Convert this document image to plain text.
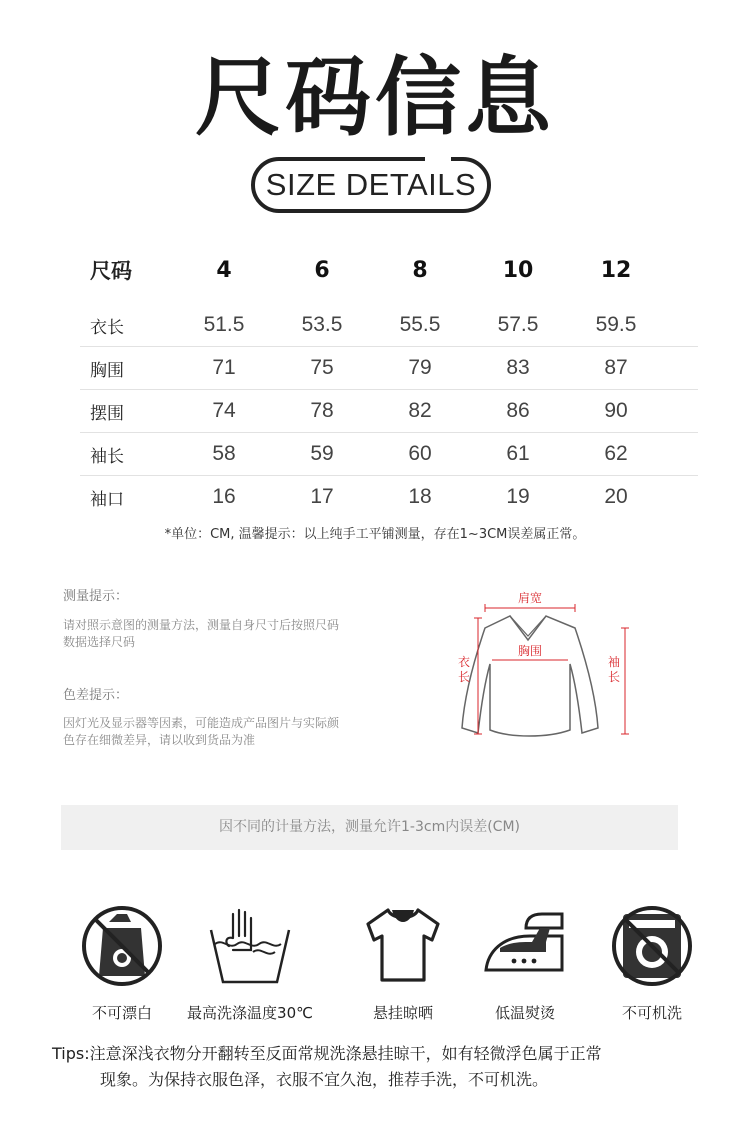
尺码信息
SIZE DETAILS
尺码	4	6	8	10	12
衣长	51.5	53.5	55.5	57.5	59.5
胸围	71	75	79	83	87
摆围	74	78	82	86	90
袖长	58	59	60	61	62
袖口	16	17	18	19	20
*单位：CM, 温馨提示：以上纯手工平铺测量，存在1~3CM误差属正常。
测量提示：
请对照示意图的测量方法，测量自身尺寸后按照尺码数据选择尺码
色差提示：
因灯光及显示器等因素，可能造成产品图片与实际颜色存在细微差异，请以收到货品为准
肩宽
胸围
衣
长
袖
长
因不同的计量方法，测量允许1-3cm内误差(CM)
不可漂白	最高洗涤温度30℃	悬挂晾晒	低温熨烫	不可机洗
Tips:注意深浅衣物分开翻转至反面常规洗涤悬挂晾干，如有轻微浮色属于正常
现象。为保持衣服色泽，衣服不宜久泡，推荐手洗，不可机洗。
